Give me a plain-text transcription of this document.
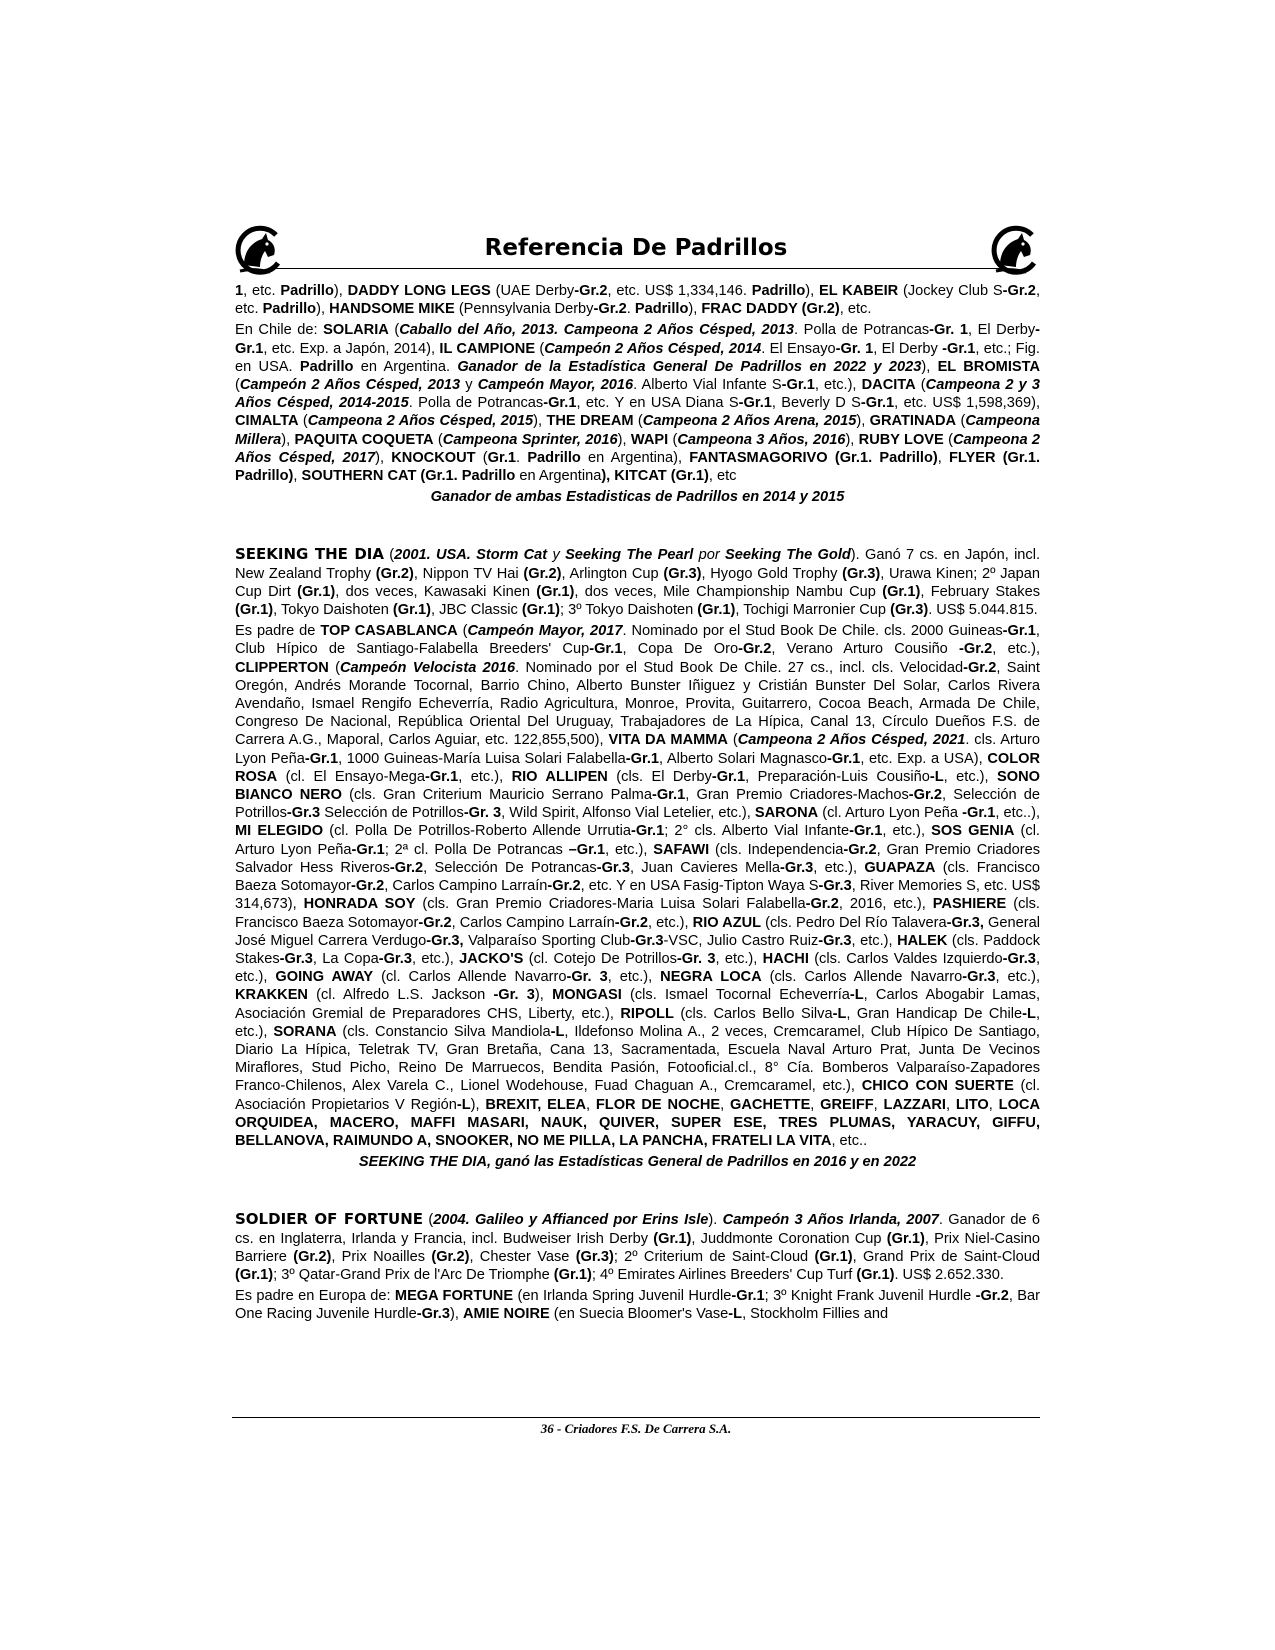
Referencia De Padrillos

1, etc. Padrillo), DADDY LONG LEGS (UAE Derby-Gr.2, etc. US$ 1,334,146. Padrillo), EL KABEIR (Jockey Club S-Gr.2, etc. Padrillo), HANDSOME MIKE (Pennsylvania Derby-Gr.2. Padrillo), FRAC DADDY (Gr.2), etc.

En Chile de: SOLARIA (Caballo del Año, 2013. Campeona 2 Años Césped, 2013. Polla de Potrancas-Gr. 1, El Derby-Gr.1, etc. Exp. a Japón, 2014), IL CAMPIONE (Campeón 2 Años Césped, 2014. El Ensayo-Gr. 1, El Derby -Gr.1, etc.; Fig. en USA. Padrillo en Argentina. Ganador de la Estadística General De Padrillos en 2022 y 2023), EL BROMISTA (Campeón 2 Años Césped, 2013 y Campeón Mayor, 2016. Alberto Vial Infante S-Gr.1, etc.), DACITA (Campeona 2 y 3 Años Césped, 2014-2015. Polla de Potrancas-Gr.1, etc. Y en USA Diana S-Gr.1, Beverly D S-Gr.1, etc. US$ 1,598,369), CIMALTA (Campeona 2 Años Césped, 2015), THE DREAM (Campeona 2 Años Arena, 2015), GRATINADA (Campeona Millera), PAQUITA COQUETA (Campeona Sprinter, 2016), WAPI (Campeona 3 Años, 2016), RUBY LOVE (Campeona 2 Años Césped, 2017), KNOCKOUT (Gr.1. Padrillo en Argentina), FANTASMAGORIVO (Gr.1. Padrillo), FLYER (Gr.1. Padrillo), SOUTHERN CAT (Gr.1. Padrillo en Argentina), KITCAT (Gr.1), etc

Ganador de ambas Estadisticas de Padrillos en 2014 y 2015

SEEKING THE DIA (2001. USA. Storm Cat y Seeking The Pearl por Seeking The Gold). Ganó 7 cs. en Japón, incl. New Zealand Trophy (Gr.2), Nippon TV Hai (Gr.2), Arlington Cup (Gr.3), Hyogo Gold Trophy (Gr.3), Urawa Kinen; 2º Japan Cup Dirt (Gr.1), dos veces, Kawasaki Kinen (Gr.1), dos veces, Mile Championship Nambu Cup (Gr.1), February Stakes (Gr.1), Tokyo Daishoten (Gr.1), JBC Classic (Gr.1); 3º Tokyo Daishoten (Gr.1), Tochigi Marronier Cup (Gr.3). US$ 5.044.815.

Es padre de TOP CASABLANCA (Campeón Mayor, 2017. Nominado por el Stud Book De Chile. cls. 2000 Guineas-Gr.1, Club Hípico de Santiago-Falabella Breeders' Cup-Gr.1, Copa De Oro-Gr.2, Verano Arturo Cousiño -Gr.2, etc.), CLIPPERTON (Campeón Velocista 2016. Nominado por el Stud Book De Chile. 27 cs., incl. cls. Velocidad-Gr.2, Saint Oregón, Andrés Morande Tocornal, Barrio Chino, Alberto Bunster Iñiguez y Cristián Bunster Del Solar, Carlos Rivera Avendaño, Ismael Rengifo Echeverría, Radio Agricultura, Monroe, Provita, Guitarrero, Cocoa Beach, Armada De Chile, Congreso De Nacional, República Oriental Del Uruguay, Trabajadores de La Hípica, Canal 13, Círculo Dueños F.S. de Carrera A.G., Maporal, Carlos Aguiar, etc. 122,855,500), VITA DA MAMMA (Campeona 2 Años Césped, 2021. cls. Arturo Lyon Peña-Gr.1, 1000 Guineas-María Luisa Solari Falabella-Gr.1, Alberto Solari Magnasco-Gr.1, etc. Exp. a USA), COLOR ROSA (cl. El Ensayo-Mega-Gr.1, etc.), RIO ALLIPEN (cls. El Derby-Gr.1, Preparación-Luis Cousiño-L, etc.), SONO BIANCO NERO (cls. Gran Criterium Mauricio Serrano Palma-Gr.1, Gran Premio Criadores-Machos-Gr.2, Selección de Potrillos-Gr.3 Selección de Potrillos-Gr. 3, Wild Spirit, Alfonso Vial Letelier, etc.), SARONA (cl. Arturo Lyon Peña -Gr.1, etc..), MI ELEGIDO (cl. Polla De Potrillos-Roberto Allende Urrutia-Gr.1; 2° cls. Alberto Vial Infante-Gr.1, etc.), SOS GENIA (cl. Arturo Lyon Peña-Gr.1; 2ª cl. Polla De Potrancas –Gr.1, etc.), SAFAWI (cls. Independencia-Gr.2, Gran Premio Criadores Salvador Hess Riveros-Gr.2, Selección De Potrancas-Gr.3, Juan Cavieres Mella-Gr.3, etc.), GUAPAZA (cls. Francisco Baeza Sotomayor-Gr.2, Carlos Campino Larraín-Gr.2, etc. Y en USA Fasig-Tipton Waya S-Gr.3, River Memories S, etc. US$ 314,673), HONRADA SOY (cls. Gran Premio Criadores-Maria Luisa Solari Falabella-Gr.2, 2016, etc.), PASHIERE (cls. Francisco Baeza Sotomayor-Gr.2, Carlos Campino Larraín-Gr.2, etc.), RIO AZUL (cls. Pedro Del Río Talavera-Gr.3, General José Miguel Carrera Verdugo-Gr.3, Valparaíso Sporting Club-Gr.3-VSC, Julio Castro Ruiz-Gr.3, etc.), HALEK (cls. Paddock Stakes-Gr.3, La Copa-Gr.3, etc.), JACKO'S (cl. Cotejo De Potrillos-Gr. 3, etc.), HACHI (cls. Carlos Valdes Izquierdo-Gr.3, etc.), GOING AWAY (cl. Carlos Allende Navarro-Gr. 3, etc.), NEGRA LOCA (cls. Carlos Allende Navarro-Gr.3, etc.), KRAKKEN (cl. Alfredo L.S. Jackson -Gr. 3), MONGASI (cls. Ismael Tocornal Echeverría-L, Carlos Abogabir Lamas, Asociación Gremial de Preparadores CHS, Liberty, etc.), RIPOLL (cls. Carlos Bello Silva-L, Gran Handicap De Chile-L, etc.), SORANA (cls. Constancio Silva Mandiola-L, Ildefonso Molina A., 2 veces, Cremcaramel, Club Hípico De Santiago, Diario La Hípica, Teletrak TV, Gran Bretaña, Cana 13, Sacramentada, Escuela Naval Arturo Prat, Junta De Vecinos Miraflores, Stud Picho, Reino De Marruecos, Bendita Pasión, Fotooficial.cl., 8° Cía. Bomberos Valparaíso-Zapadores Franco-Chilenos, Alex Varela C., Lionel Wodehouse, Fuad Chaguan A., Cremcaramel, etc.), CHICO CON SUERTE (cl. Asociación Propietarios V Región-L), BREXIT, ELEA, FLOR DE NOCHE, GACHETTE, GREIFF, LAZZARI, LITO, LOCA ORQUIDEA, MACERO, MAFFI MASARI, NAUK, QUIVER, SUPER ESE, TRES PLUMAS, YARACUY, GIFFU, BELLANOVA, RAIMUNDO A, SNOOKER, NO ME PILLA, LA PANCHA, FRATELI LA VITA, etc..

SEEKING THE DIA, ganó las Estadísticas General de Padrillos en 2016 y en 2022

SOLDIER OF FORTUNE (2004. Galileo y Affianced por Erins Isle). Campeón 3 Años Irlanda, 2007. Ganador de 6 cs. en Inglaterra, Irlanda y Francia, incl. Budweiser Irish Derby (Gr.1), Juddmonte Coronation Cup (Gr.1), Prix Niel-Casino Barriere (Gr.2), Prix Noailles (Gr.2), Chester Vase (Gr.3); 2º Criterium de Saint-Cloud (Gr.1), Grand Prix de Saint-Cloud (Gr.1); 3º Qatar-Grand Prix de l'Arc De Triomphe (Gr.1); 4º Emirates Airlines Breeders' Cup Turf (Gr.1). US$ 2.652.330.

Es padre en Europa de: MEGA FORTUNE (en Irlanda Spring Juvenil Hurdle-Gr.1; 3º Knight Frank Juvenil Hurdle -Gr.2, Bar One Racing Juvenile Hurdle-Gr.3), AMIE NOIRE (en Suecia Bloomer's Vase-L, Stockholm Fillies and

36 - Criadores F.S. De Carrera S.A.
